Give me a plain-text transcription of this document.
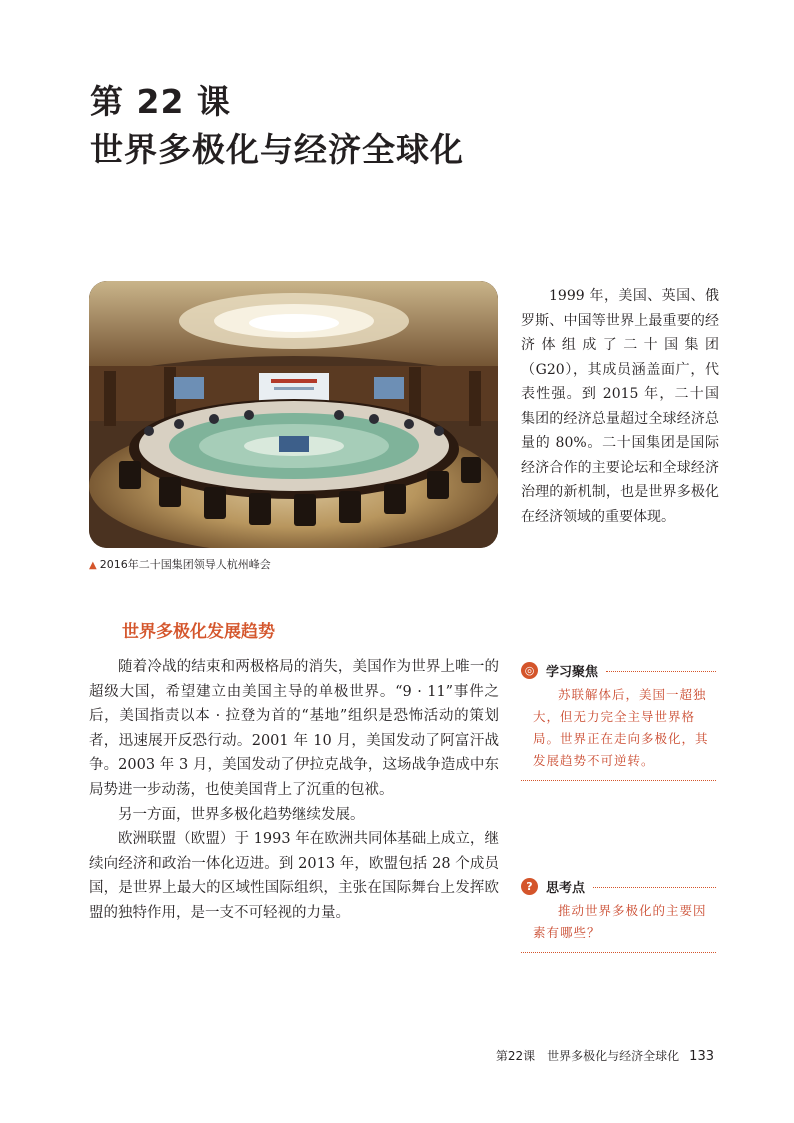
第 22 课
世界多极化与经济全球化
▲ 2016年二十国集团领导人杭州峰会

1999 年，美国、英国、俄罗斯、中国等世界上最重要的经济体组成了二十国集团（G20），其成员涵盖面广，代表性强。到 2015 年，二十国集团的经济总量超过全球经济总量的 80%。二十国集团是国际经济合作的主要论坛和全球经济治理的新机制，也是世界多极化在经济领域的重要体现。

世界多极化发展趋势

随着冷战的结束和两极格局的消失，美国作为世界上唯一的超级大国，希望建立由美国主导的单极世界。“9 · 11”事件之后，美国指责以本 · 拉登为首的“基地”组织是恐怖活动的策划者，迅速展开反恐行动。2001 年 10 月，美国发动了阿富汗战争。2003 年 3 月，美国发动了伊拉克战争，这场战争造成中东局势进一步动荡，也使美国背上了沉重的包袱。

另一方面，世界多极化趋势继续发展。

欧洲联盟（欧盟）于 1993 年在欧洲共同体基础上成立，继续向经济和政治一体化迈进。到 2013 年，欧盟包括 28 个成员国，是世界上最大的区域性国际组织，主张在国际舞台上发挥欧盟的独特作用，是一支不可轻视的力量。

◎ 学习聚焦

苏联解体后，美国一超独大，但无力完全主导世界格局。世界正在走向多极化，其发展趋势不可逆转。

?	思考点

推动世界多极化的主要因素有哪些？

第22课　世界多极化与经济全球化 133
